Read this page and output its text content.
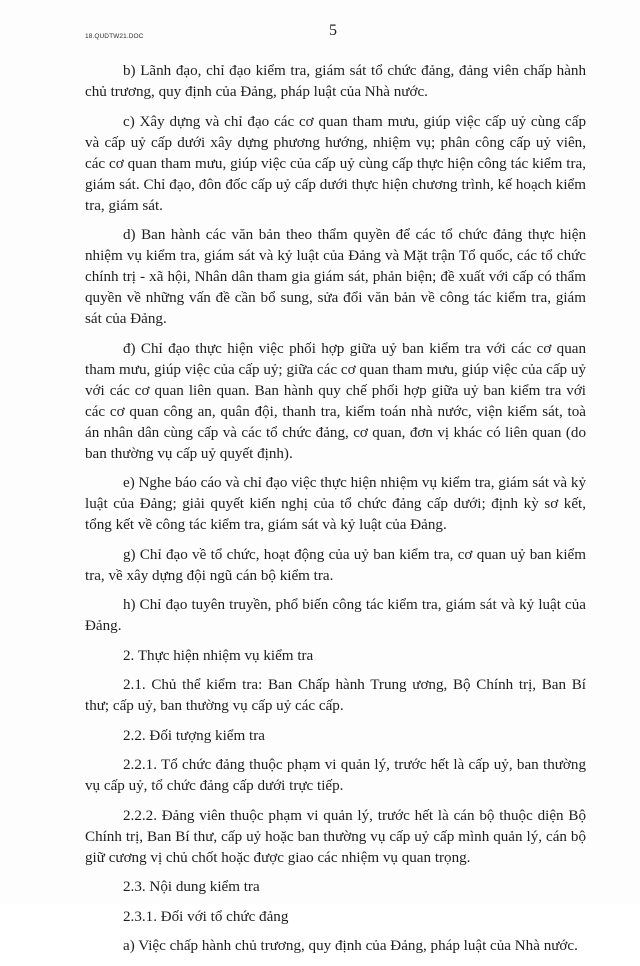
18.QUDTW21.DOC	5

b) Lãnh đạo, chỉ đạo kiểm tra, giám sát tổ chức đảng, đảng viên chấp hành chủ trương, quy định của Đảng, pháp luật của Nhà nước.

c) Xây dựng và chỉ đạo các cơ quan tham mưu, giúp việc cấp uỷ cùng cấp và cấp uỷ cấp dưới xây dựng phương hướng, nhiệm vụ; phân công cấp uỷ viên, các cơ quan tham mưu, giúp việc của cấp uỷ cùng cấp thực hiện công tác kiểm tra, giám sát. Chỉ đạo, đôn đốc cấp uỷ cấp dưới thực hiện chương trình, kế hoạch kiểm tra, giám sát.

d) Ban hành các văn bản theo thẩm quyền để các tổ chức đảng thực hiện nhiệm vụ kiểm tra, giám sát và kỷ luật của Đảng và Mặt trận Tổ quốc, các tổ chức chính trị - xã hội, Nhân dân tham gia giám sát, phản biện; đề xuất với cấp có thẩm quyền về những vấn đề cần bổ sung, sửa đổi văn bản về công tác kiểm tra, giám sát của Đảng.

đ) Chỉ đạo thực hiện việc phối hợp giữa uỷ ban kiểm tra với các cơ quan tham mưu, giúp việc của cấp uỷ; giữa các cơ quan tham mưu, giúp việc của cấp uỷ với các cơ quan liên quan. Ban hành quy chế phối hợp giữa uỷ ban kiểm tra với các cơ quan công an, quân đội, thanh tra, kiểm toán nhà nước, viện kiểm sát, toà án nhân dân cùng cấp và các tổ chức đảng, cơ quan, đơn vị khác có liên quan (do ban thường vụ cấp uỷ quyết định).

e) Nghe báo cáo và chỉ đạo việc thực hiện nhiệm vụ kiểm tra, giám sát và kỷ luật của Đảng; giải quyết kiến nghị của tổ chức đảng cấp dưới; định kỳ sơ kết, tổng kết về công tác kiểm tra, giám sát và kỷ luật của Đảng.

g) Chỉ đạo về tổ chức, hoạt động của uỷ ban kiểm tra, cơ quan uỷ ban kiểm tra, về xây dựng đội ngũ cán bộ kiểm tra.

h) Chỉ đạo tuyên truyền, phổ biến công tác kiểm tra, giám sát và kỷ luật của Đảng.

2. Thực hiện nhiệm vụ kiểm tra

2.1. Chủ thể kiểm tra: Ban Chấp hành Trung ương, Bộ Chính trị, Ban Bí thư; cấp uỷ, ban thường vụ cấp uỷ các cấp.

2.2. Đối tượng kiểm tra

2.2.1. Tổ chức đảng thuộc phạm vi quản lý, trước hết là cấp uỷ, ban thường vụ cấp uỷ, tổ chức đảng cấp dưới trực tiếp.

2.2.2. Đảng viên thuộc phạm vi quản lý, trước hết là cán bộ thuộc diện Bộ Chính trị, Ban Bí thư, cấp uỷ hoặc ban thường vụ cấp uỷ cấp mình quản lý, cán bộ giữ cương vị chủ chốt hoặc được giao các nhiệm vụ quan trọng.

2.3. Nội dung kiểm tra

2.3.1. Đối với tổ chức đảng

a) Việc chấp hành chủ trương, quy định của Đảng, pháp luật của Nhà nước.
